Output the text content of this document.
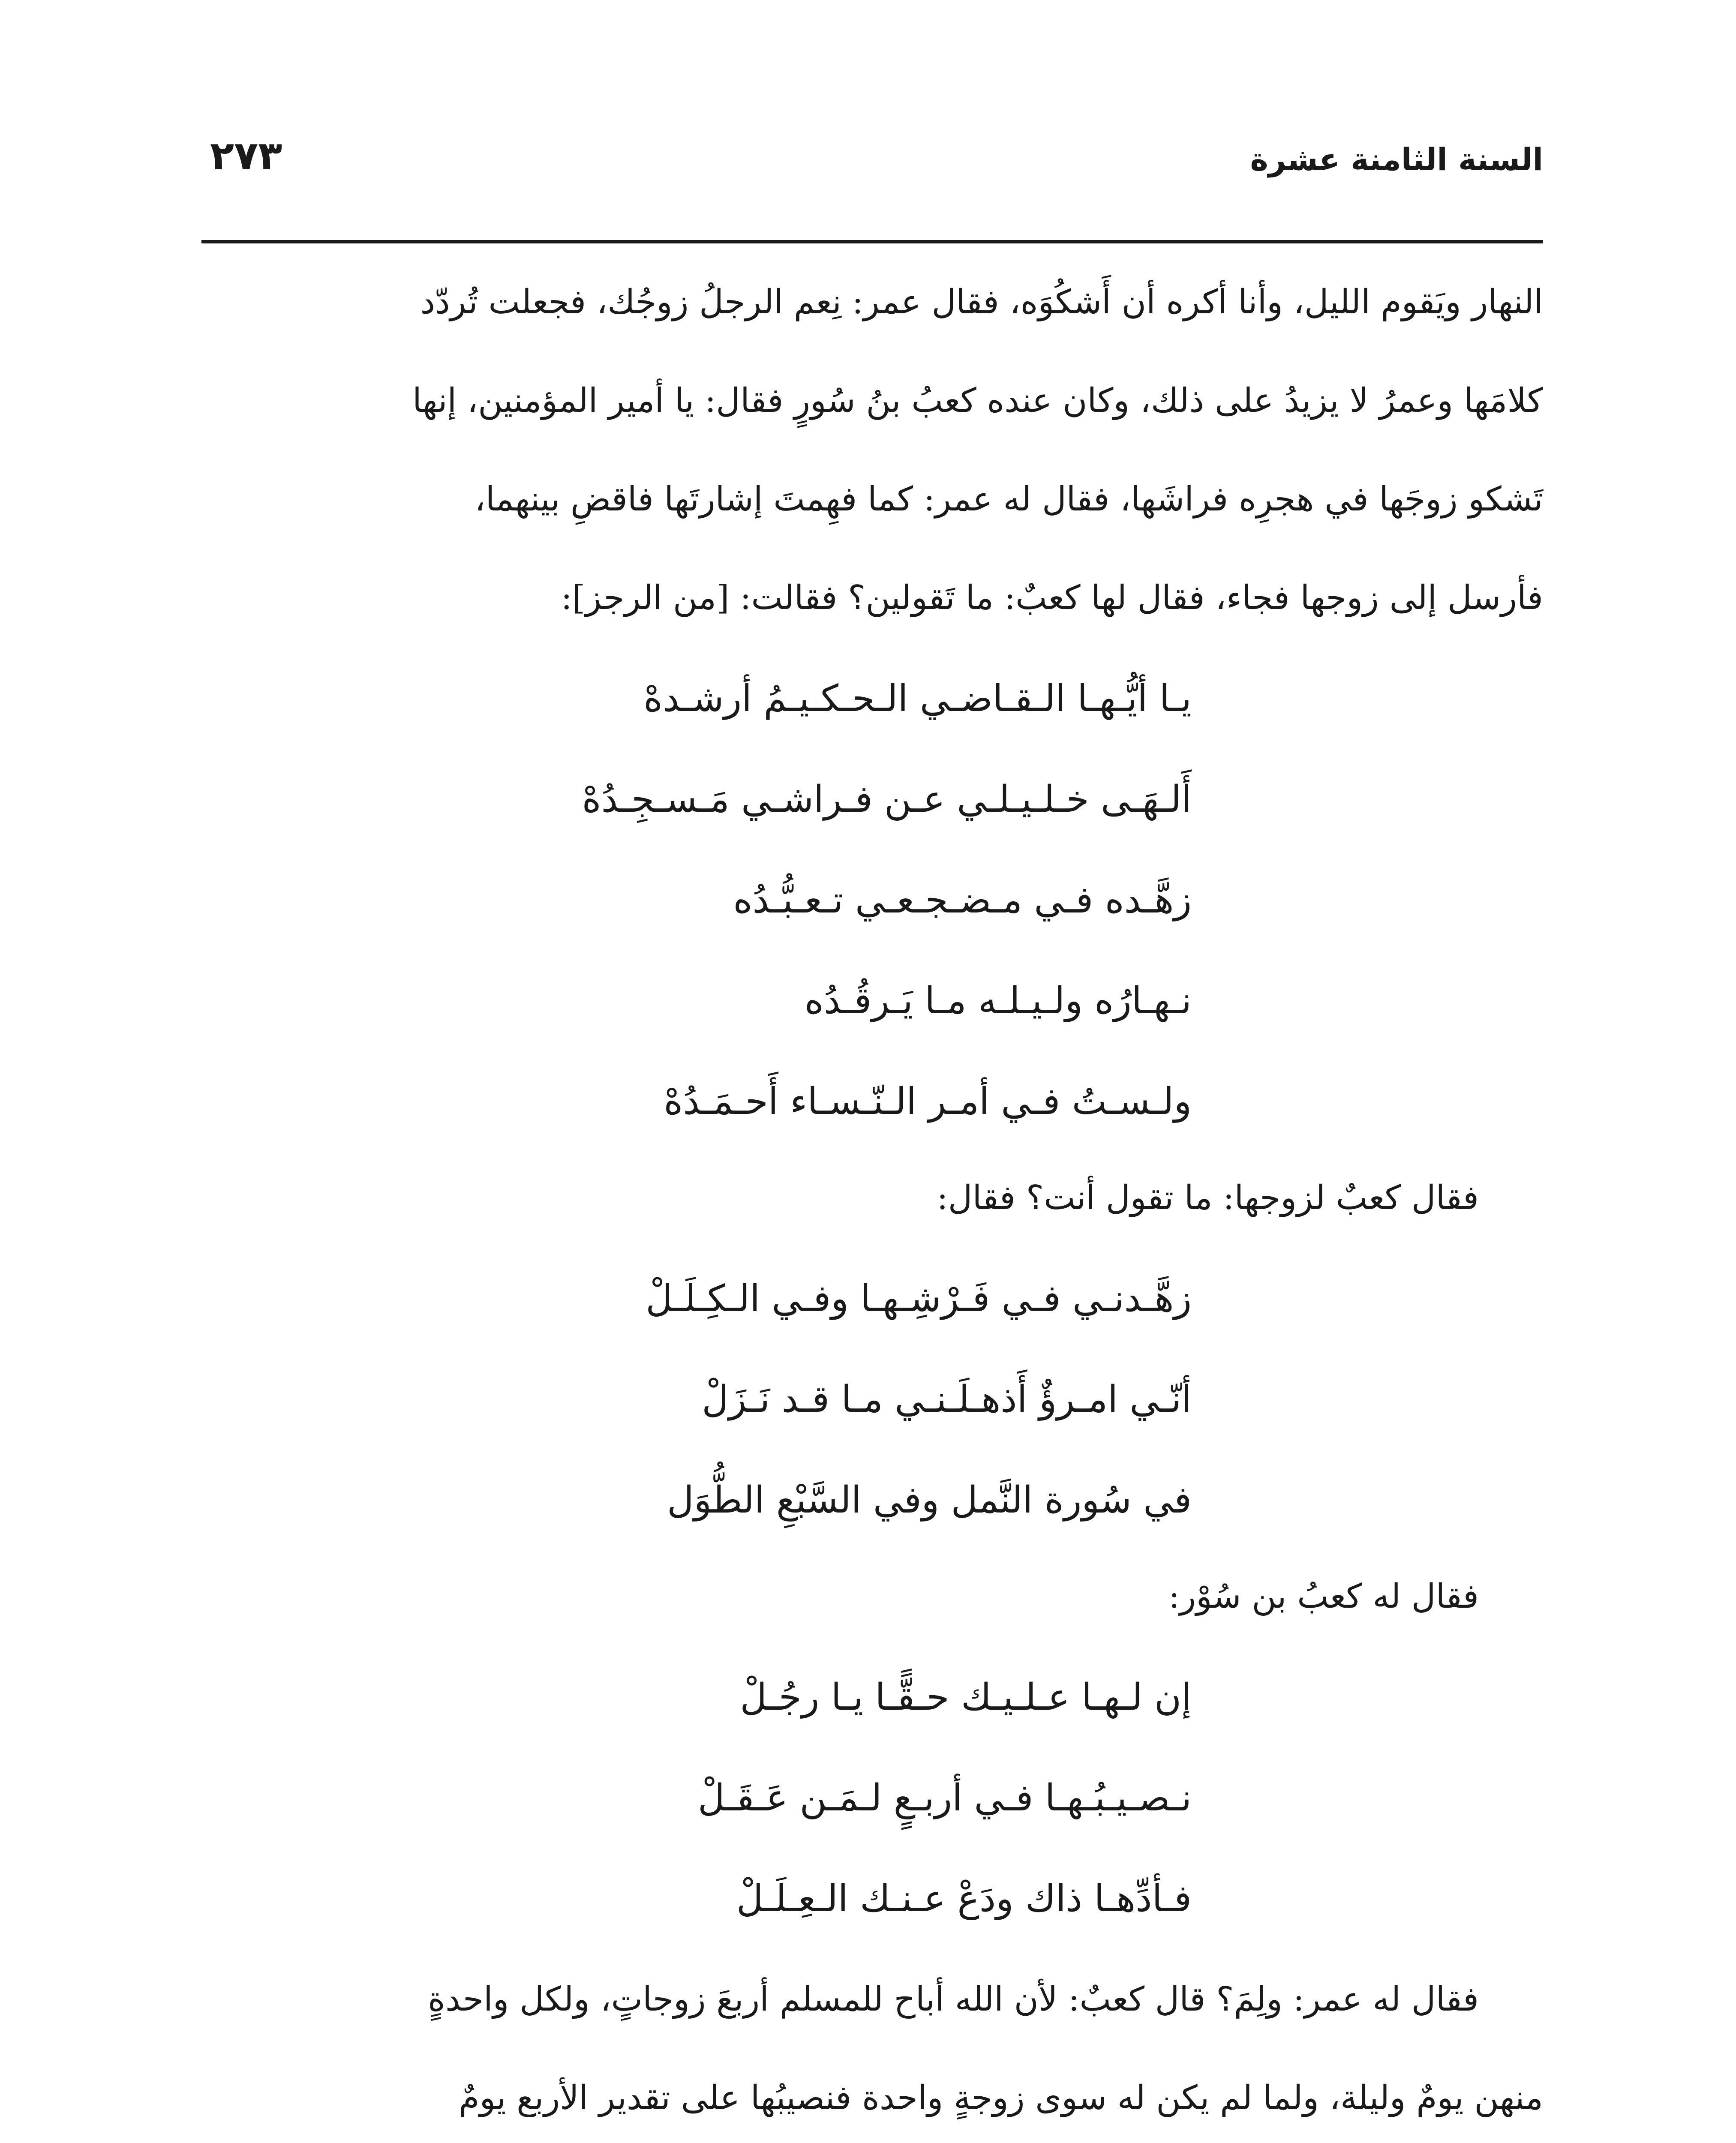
السنة الثامنة عشرة
٢٧٣
النهار ويَقوم الليل، وأنا أكره أن أَشكُوَه، فقال عمر: نِعم الرجلُ زوجُك، فجعلت تُردّد
كلامَها وعمرُ لا يزيدُ على ذلك، وكان عنده كعبُ بنُ سُورٍ فقال: يا أمير المؤمنين، إنها
تَشكو زوجَها في هجرِه فراشَها، فقال له عمر: كما فهِمتَ إشارتَها فاقضِ بينهما،
فأرسل إلى زوجها فجاء، فقال لها كعبٌ: ما تَقولين؟ فقالت: [من الرجز]:
يـا أيُّـهـا الـقـاضـي الـحـكـيـمُ أرشـدهْ
أَلـهَـى خـلـيـلـي عـن فـراشـي مَـسـجِـدُهْ
زهَّـده فـي مـضـجـعـي تـعـبُّـدُه
نـهـارُه ولـيـلـه مـا يَـرقُـدُه
ولـسـتُ فـي أمـر الـنّـسـاء أَحـمَـدُهْ
فقال كعبٌ لزوجها: ما تقول أنت؟ فقال:
زهَّـدنـي فـي فَـرْشِـهـا وفـي الـكِـلَـلْ
أنّـي امـرؤٌ أَذهـلَـنـي مـا قـد نَـزَلْ
في سُورة النَّمل وفي السَّبْعِ الطُّوَل
فقال له كعبُ بن سُوْر:
إن لـهـا عـلـيـك حـقًّـا يـا رجُـلْ
نـصـيـبُـهـا فـي أربـعٍ لـمَـن عَـقَـلْ
فـأدِّهـا ذاك ودَعْ عـنـك الـعِـلَـلْ
فقال له عمر: ولِمَ؟ قال كعبٌ: لأن الله أباح للمسلم أربعَ زوجاتٍ، ولكل واحدةٍ
منهن يومٌ وليلة، ولما لم يكن له سوى زوجةٍ واحدة فنصيبُها على تقدير الأربع يومٌ
